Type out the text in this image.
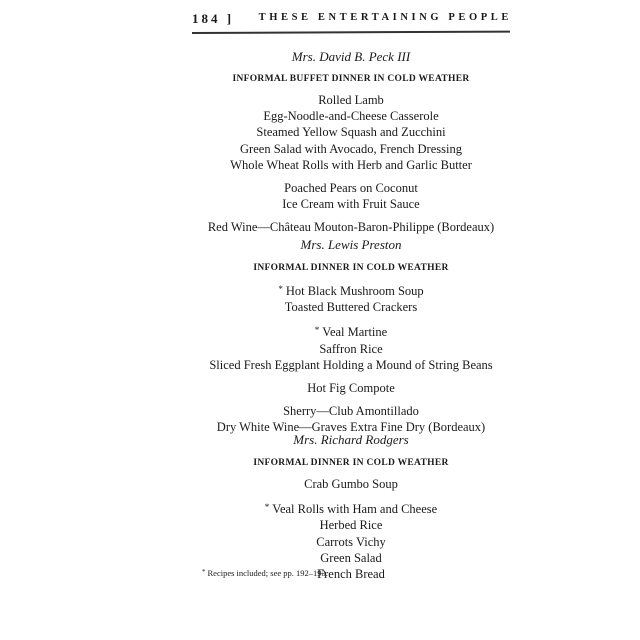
184 ] THESE ENTERTAINING PEOPLE
Mrs. David B. Peck III
INFORMAL BUFFET DINNER IN COLD WEATHER
Rolled Lamb
Egg-Noodle-and-Cheese Casserole
Steamed Yellow Squash and Zucchini
Green Salad with Avocado, French Dressing
Whole Wheat Rolls with Herb and Garlic Butter
Poached Pears on Coconut
Ice Cream with Fruit Sauce
Red Wine—Château Mouton-Baron-Philippe (Bordeaux)
Mrs. Lewis Preston
INFORMAL DINNER IN COLD WEATHER
* Hot Black Mushroom Soup
Toasted Buttered Crackers
* Veal Martine
Saffron Rice
Sliced Fresh Eggplant Holding a Mound of String Beans
Hot Fig Compote
Sherry—Club Amontillado
Dry White Wine—Graves Extra Fine Dry (Bordeaux)
Mrs. Richard Rodgers
INFORMAL DINNER IN COLD WEATHER
Crab Gumbo Soup
* Veal Rolls with Ham and Cheese
Herbed Rice
Carrots Vichy
Green Salad
French Bread
* Recipes included; see pp. 192–193.
